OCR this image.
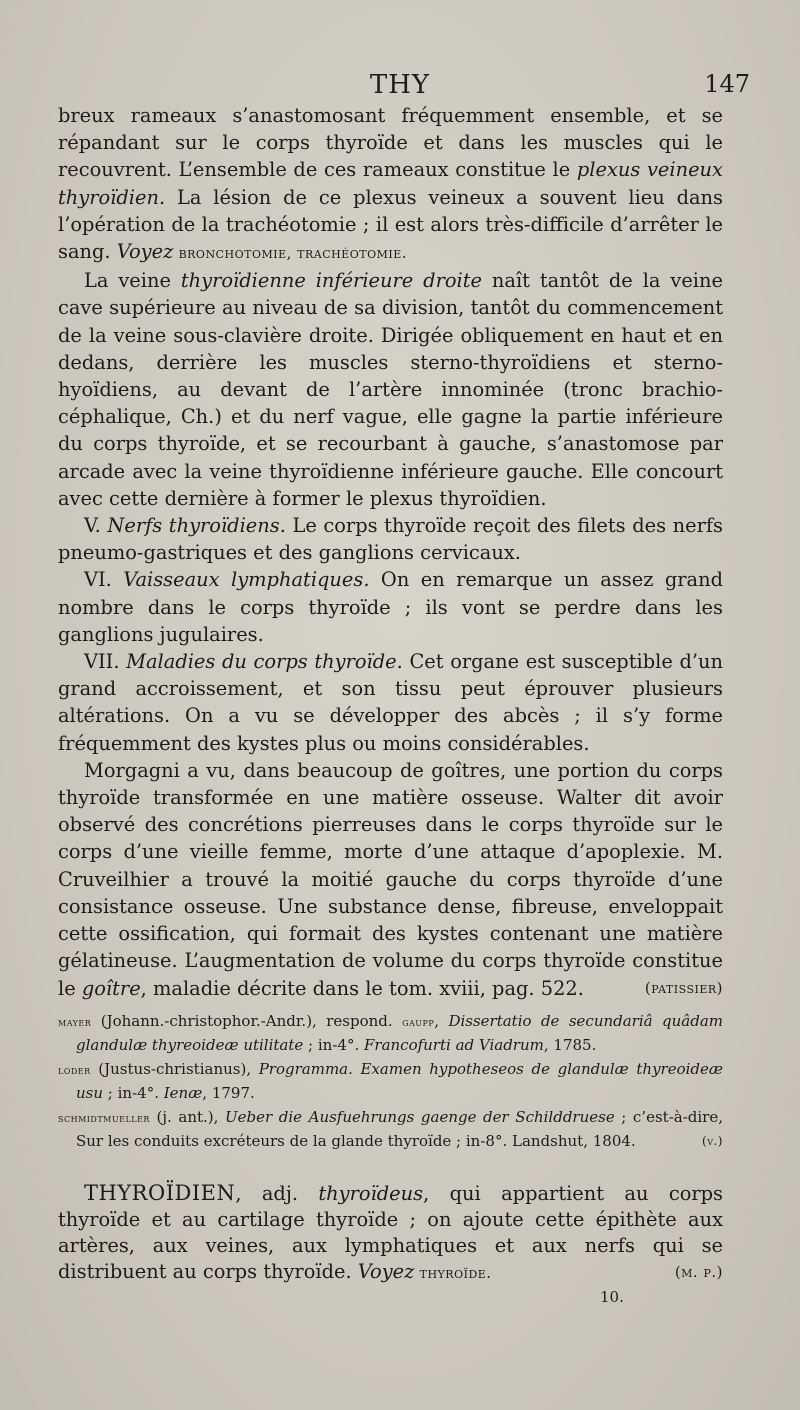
THY	147

breux rameaux s’anastomosant fréquemment ensemble, et se répandant sur le corps thyroïde et dans les muscles qui le recouvrent. L’ensemble de ces rameaux constitue le plexus veineux thyroïdien. La lésion de ce plexus veineux a souvent lieu dans l’opération de la trachéotomie ; il est alors très-difficile d’arrêter le sang. Voyez bronchotomie, trachéotomie.

La veine thyroïdienne inférieure droite naît tantôt de la veine cave supérieure au niveau de sa division, tantôt du commencement de la veine sous-clavière droite. Dirigée obliquement en haut et en dedans, derrière les muscles sterno-thyroïdiens et sterno-hyoïdiens, au devant de l’artère innominée (tronc brachio-céphalique, Ch.) et du nerf vague, elle gagne la partie inférieure du corps thyroïde, et se recourbant à gauche, s’anastomose par arcade avec la veine thyroïdienne inférieure gauche. Elle concourt avec cette dernière à former le plexus thyroïdien.

V. Nerfs thyroïdiens. Le corps thyroïde reçoit des filets des nerfs pneumo-gastriques et des ganglions cervicaux.

VI. Vaisseaux lymphatiques. On en remarque un assez grand nombre dans le corps thyroïde ; ils vont se perdre dans les ganglions jugulaires.

VII. Maladies du corps thyroïde. Cet organe est susceptible d’un grand accroissement, et son tissu peut éprouver plusieurs altérations. On a vu se développer des abcès ; il s’y forme fréquemment des kystes plus ou moins considérables.

Morgagni a vu, dans beaucoup de goîtres, une portion du corps thyroïde transformée en une matière osseuse. Walter dit avoir observé des concrétions pierreuses dans le corps thyroïde sur le corps d’une vieille femme, morte d’une attaque d’apoplexie. M. Cruveilhier a trouvé la moitié gauche du corps thyroïde d’une consistance osseuse. Une substance dense, fibreuse, enveloppait cette ossification, qui formait des kystes contenant une matière gélatineuse. L’augmentation de volume du corps thyroïde constitue le goître, maladie décrite dans le tom. xviii, pag. 522.	(patissier)

mayer (Johann.-christophor.-Andr.), respond. gaupp, Dissertatio de secundariâ quâdam glandulæ thyreoideæ utilitate ; in-4°. Francofurti ad Viadrum, 1785.

loder (Justus-christianus), Programma. Examen hypotheseos de glandulæ thyreoideæ usu ; in-4°. Ienæ, 1797.

schmidtmueller (j. ant.), Ueber die Ausfuehrungs gaenge der Schilddruese ; c’est-à-dire, Sur les conduits excréteurs de la glande thyroïde ; in-8°. Landshut, 1804.	(v.)

THYROÏDIEN, adj. thyroïdeus, qui appartient au corps thyroïde et au cartilage thyroïde ; on ajoute cette épithète aux artères, aux veines, aux lymphatiques et aux nerfs qui se distribuent au corps thyroïde. Voyez thyroïde.	(m. p.)

10.
